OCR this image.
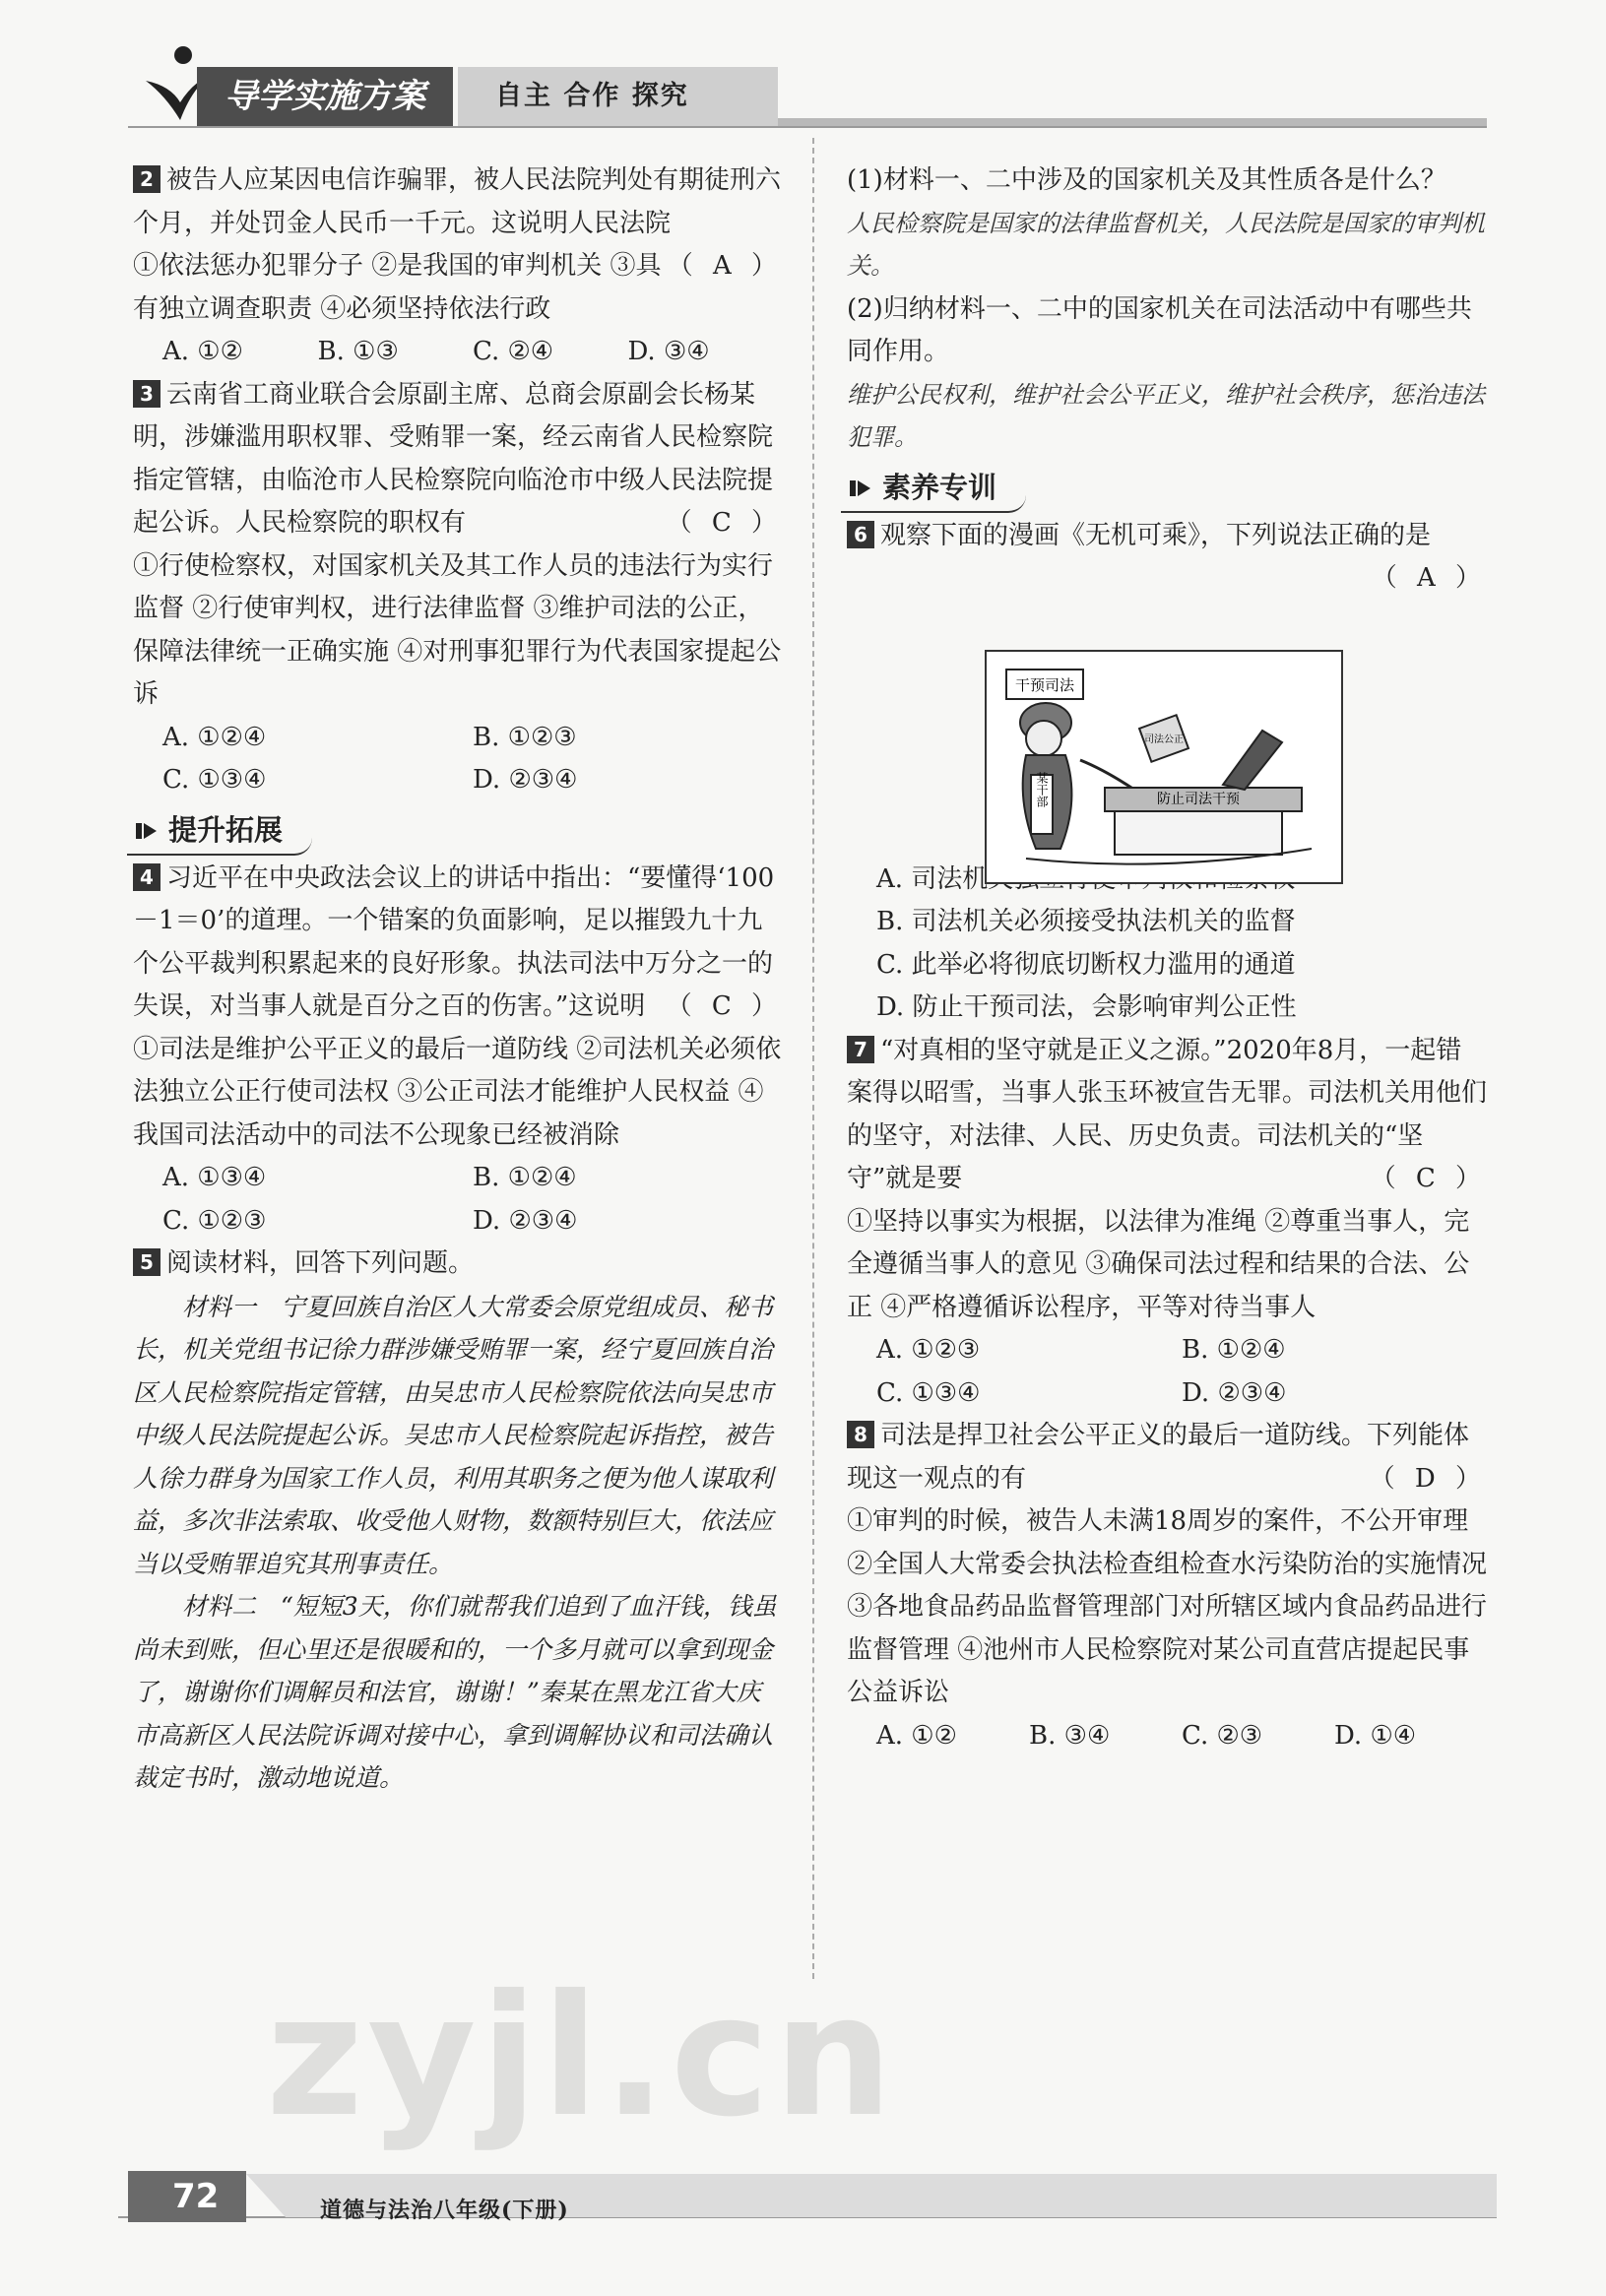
导学实施方案	自主 合作 探究

2 被告人应某因电信诈骗罪，被人民法院判处有期徒刑六个月，并处罚金人民币一千元。这说明人民法院
（ A ）

①依法惩办犯罪分子 ②是我国的审判机关 ③具有独立调查职责 ④必须坚持依法行政

A. ①②	B. ①③	C. ②④	D. ③④

3 云南省工商业联合会原副主席、总商会原副会长杨某明，涉嫌滥用职权罪、受贿罪一案，经云南省人民检察院指定管辖，由临沧市人民检察院向临沧市中级人民法院提起公诉。人民检察院的职权有	（ C ）

①行使检察权，对国家机关及其工作人员的违法行为实行监督 ②行使审判权，进行法律监督 ③维护司法的公正，保障法律统一正确实施 ④对刑事犯罪行为代表国家提起公诉

A. ①②④	B. ①②③
C. ①③④	D. ②③④
提升拓展

4 习近平在中央政法会议上的讲话中指出：“要懂得‘100－1＝0’的道理。一个错案的负面影响，足以摧毁九十九个公平裁判积累起来的良好形象。执法司法中万分之一的失误，对当事人就是百分之百的伤害。”这说明 （ C ）

①司法是维护公平正义的最后一道防线 ②司法机关必须依法独立公正行使司法权 ③公正司法才能维护人民权益 ④我国司法活动中的司法不公现象已经被消除

A. ①③④	B. ①②④
C. ①②③	D. ②③④

5 阅读材料，回答下列问题。

材料一　宁夏回族自治区人大常委会原党组成员、秘书长，机关党组书记徐力群涉嫌受贿罪一案，经宁夏回族自治区人民检察院指定管辖，由吴忠市人民检察院依法向吴忠市中级人民法院提起公诉。吴忠市人民检察院起诉指控，被告人徐力群身为国家工作人员，利用其职务之便为他人谋取利益，多次非法索取、收受他人财物，数额特别巨大，依法应当以受贿罪追究其刑事责任。

材料二　“短短3天，你们就帮我们追到了血汗钱，钱虽尚未到账，但心里还是很暖和的，一个多月就可以拿到现金了，谢谢你们调解员和法官，谢谢！”秦某在黑龙江省大庆市高新区人民法院诉调对接中心，拿到调解协议和司法确认裁定书时，激动地说道。

(1)材料一、二中涉及的国家机关及其性质各是什么？

人民检察院是国家的法律监督机关，人民法院是国家的审判机关。

(2)归纳材料一、二中的国家机关在司法活动中有哪些共同作用。

维护公民权利，维护社会公平正义，维护社会秩序，惩治违法犯罪。

素养专训

6 观察下面的漫画《无机可乘》，下列说法正确的是

（ A ）

A. 司法机关独立行使审判权和检察权

B. 司法机关必须接受执法机关的监督

C. 此举必将彻底切断权力滥用的通道

D. 防止干预司法，会影响审判公正性

7 “对真相的坚守就是正义之源。”2020年8月，一起错案得以昭雪，当事人张玉环被宣告无罪。司法机关用他们的坚守，对法律、人民、历史负责。司法机关的“坚守”就是要	（ C ）

①坚持以事实为根据，以法律为准绳 ②尊重当事人，完全遵循当事人的意见 ③确保司法过程和结果的合法、公正 ④严格遵循诉讼程序，平等对待当事人

A. ①②③	B. ①②④
C. ①③④	D. ②③④

8 司法是捍卫社会公平正义的最后一道防线。下列能体现这一观点的有	（ D ）

①审判的时候，被告人未满18周岁的案件，不公开审理 ②全国人大常委会执法检查组检查水污染防治的实施情况 ③各地食品药品监督管理部门对所辖区域内食品药品进行监督管理 ④池州市人民检察院对某公司直营店提起民事公益诉讼

A. ①②	B. ③④	C. ②③	D. ①④
干预司法
某干部
司法公正
防止司法干预
zyjl.cn
72	道德与法治八年级(下册)
